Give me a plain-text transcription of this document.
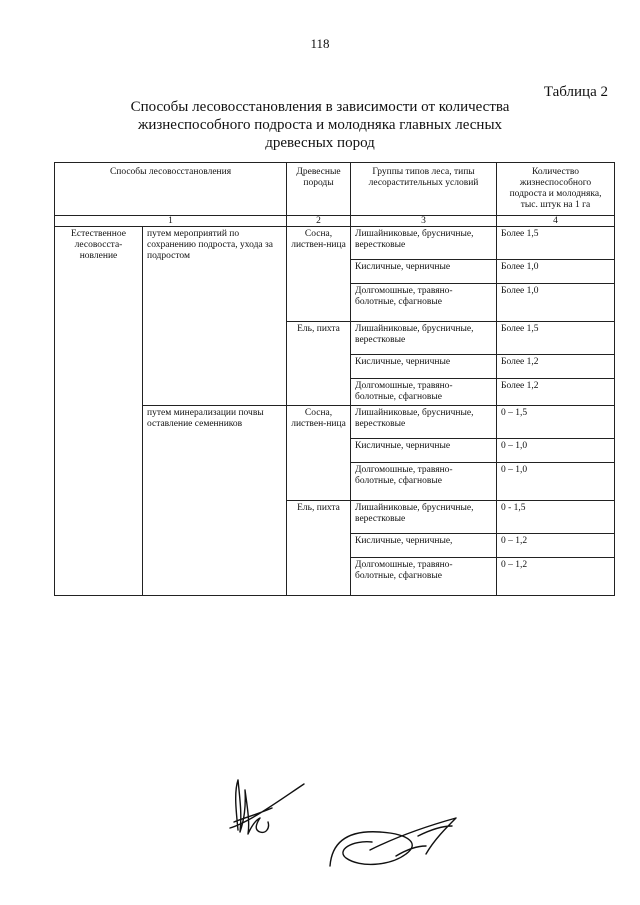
118
Таблица 2
Способы лесовосстановления в зависимости от количества жизнеспособного подроста и молодняка главных лесных древесных пород
Способы лесовосстановления		Древесные породы	Группы типов леса, типы лесорастительных условий	Количество жизнеспособного подроста и молодняка, тыс. штук на 1 га
1		2	3	4
Естественное лесовосста-новление	путем мероприятий по сохранению подроста, ухода за подростом	Сосна, листвен-ница	Лишайниковые, брусничные, верестковые	Более 1,5
			Кисличные, черничные	Более 1,0
			Долгомошные, травяно-болотные, сфагновые	Более 1,0
		Ель, пихта	Лишайниковые, брусничные, верестковые	Более 1,5
			Кисличные, черничные	Более 1,2
			Долгомошные, травяно-болотные, сфагновые	Более 1,2
	путем минерализации почвы оставление семенников	Сосна, листвен-ница	Лишайниковые, брусничные, верестковые	0 – 1,5
			Кисличные, черничные	0 – 1,0
			Долгомошные, травяно-болотные, сфагновые	0 – 1,0
		Ель, пихта	Лишайниковые, брусничные, верестковые	0 - 1,5
			Кисличные, черничные,	0 – 1,2
			Долгомошные, травяно-болотные, сфагновые	0 – 1,2
